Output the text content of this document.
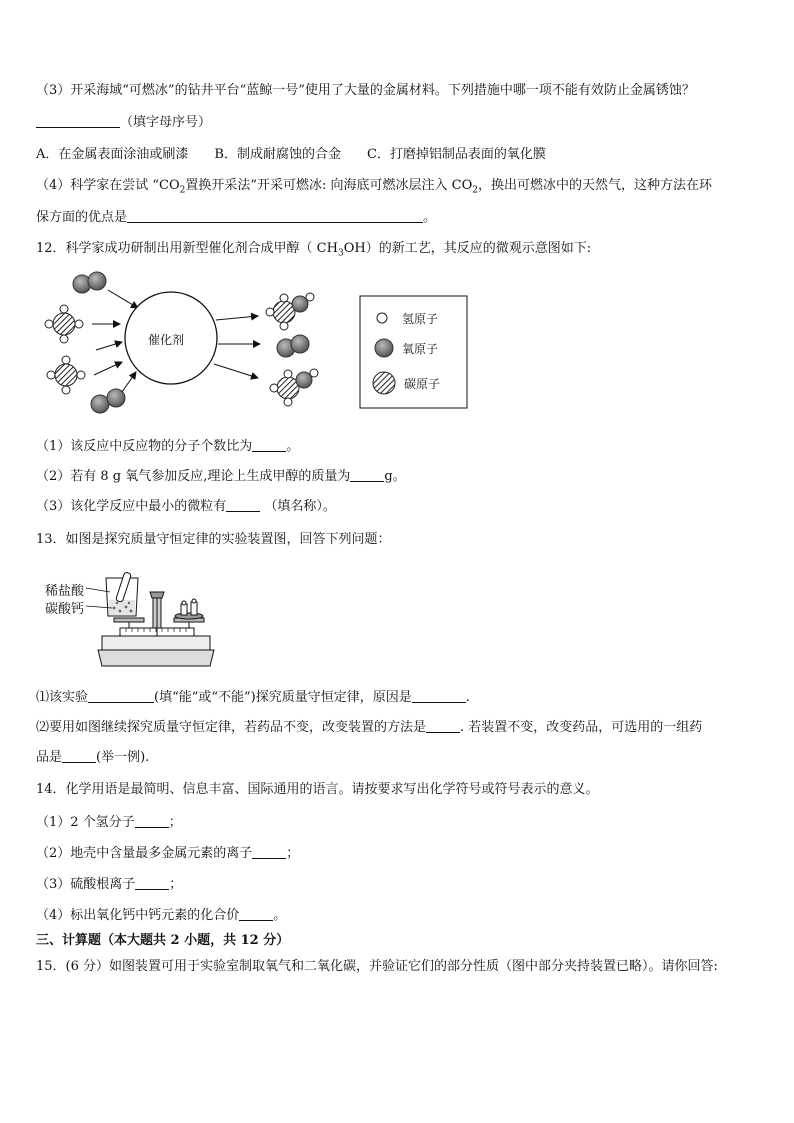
（3）开采海域“可燃冰”的钻井平台“蓝鲸一号”使用了大量的金属材料。下列措施中哪一项不能有效防止金属锈蚀？
（填字母序号）
A．在金属表面涂油或刷漆　　B．制成耐腐蚀的合金　　C．打磨掉铝制品表面的氧化膜
（4）科学家在尝试 “$CO_2$置换开采法”开采可燃冰: 向海底可燃冰层注入 $CO_2$，换出可燃冰中的天然气，这种方法在环
保方面的优点是	。
12．科学家成功研制出用新型催化剂合成甲醇（ $CH_3OH$）的新工艺，其反应的微观示意图如下:
催化剂
氢原子
氧原子
碳原子
（1）该反应中反应物的分子个数比为	。
（2）若有 8 g 氧气参加反应,理论上生成甲醇的质量为	g。
（3）该化学反应中最小的微粒有	（填名称）。
13．如图是探究质量守恒定律的实验装置图，回答下列问题：
稀盐酸
碳酸钙
⑴该实验	(填“能”或“不能”)探究质量守恒定律，原因是	.
⑵要用如图继续探究质量守恒定律，若药品不变，改变装置的方法是	. 若装置不变，改变药品，可选用的一组药
品是	(举一例).
14．化学用语是最简明、信息丰富、国际通用的语言。请按要求写出化学符号或符号表示的意义。
（1）2 个氢分子	；
（2）地壳中含量最多金属元素的离子	；
（3）硫酸根离子	；
（4）标出氧化钙中钙元素的化合价	。
三、计算题（本大题共 2 小题，共 12 分）
15．(6 分）如图装置可用于实验室制取氧气和二氧化碳，并验证它们的部分性质（图中部分夹持装置已略）。请你回答:
